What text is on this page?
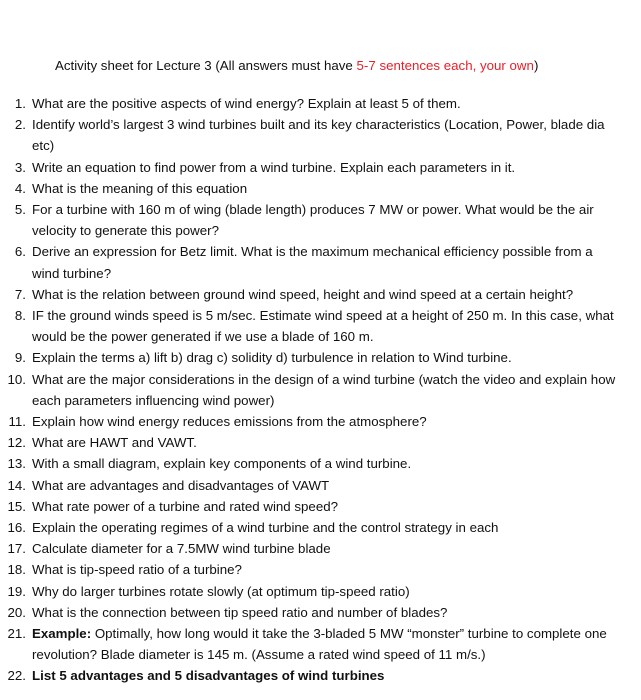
Activity sheet for Lecture 3 (All answers must have 5-7 sentences each, your own)
1. What are the positive aspects of wind energy? Explain at least 5 of them.
2. Identify world’s largest 3 wind turbines built and its key characteristics (Location, Power, blade dia etc)
3. Write an equation to find power from a wind turbine. Explain each parameters in it.
4. What is the meaning of this equation
5. For a turbine with 160 m of wing (blade length) produces 7 MW or power. What would be the air velocity to generate this power?
6. Derive an expression for Betz limit. What is the maximum mechanical efficiency possible from a wind turbine?
7. What is the relation between ground wind speed, height and wind speed at a certain height?
8. IF the ground winds speed is 5 m/sec. Estimate wind speed at a height of 250 m. In this case, what would be the power generated if we use a blade of 160 m.
9. Explain the terms a) lift b) drag c) solidity d) turbulence in relation to Wind turbine.
10. What are the major considerations in the design of a wind turbine (watch the video and explain how each parameters influencing wind power)
11. Explain how wind energy reduces emissions from the atmosphere?
12. What are HAWT and VAWT.
13. With a small diagram, explain key components of a wind turbine.
14. What are advantages and disadvantages of VAWT
15. What rate power of a turbine and rated wind speed?
16. Explain the operating regimes of a wind turbine and the control strategy in each
17. Calculate diameter for a 7.5MW wind turbine blade
18. What is tip-speed ratio of a turbine?
19. Why do larger turbines rotate slowly (at optimum tip-speed ratio)
20. What is the connection between tip speed ratio and number of blades?
21. Example: Optimally, how long would it take the 3-bladed 5 MW “monster” turbine to complete one revolution? Blade diameter is 145 m. (Assume a rated wind speed of 11 m/s.)
22. List 5 advantages and 5 disadvantages of wind turbines
